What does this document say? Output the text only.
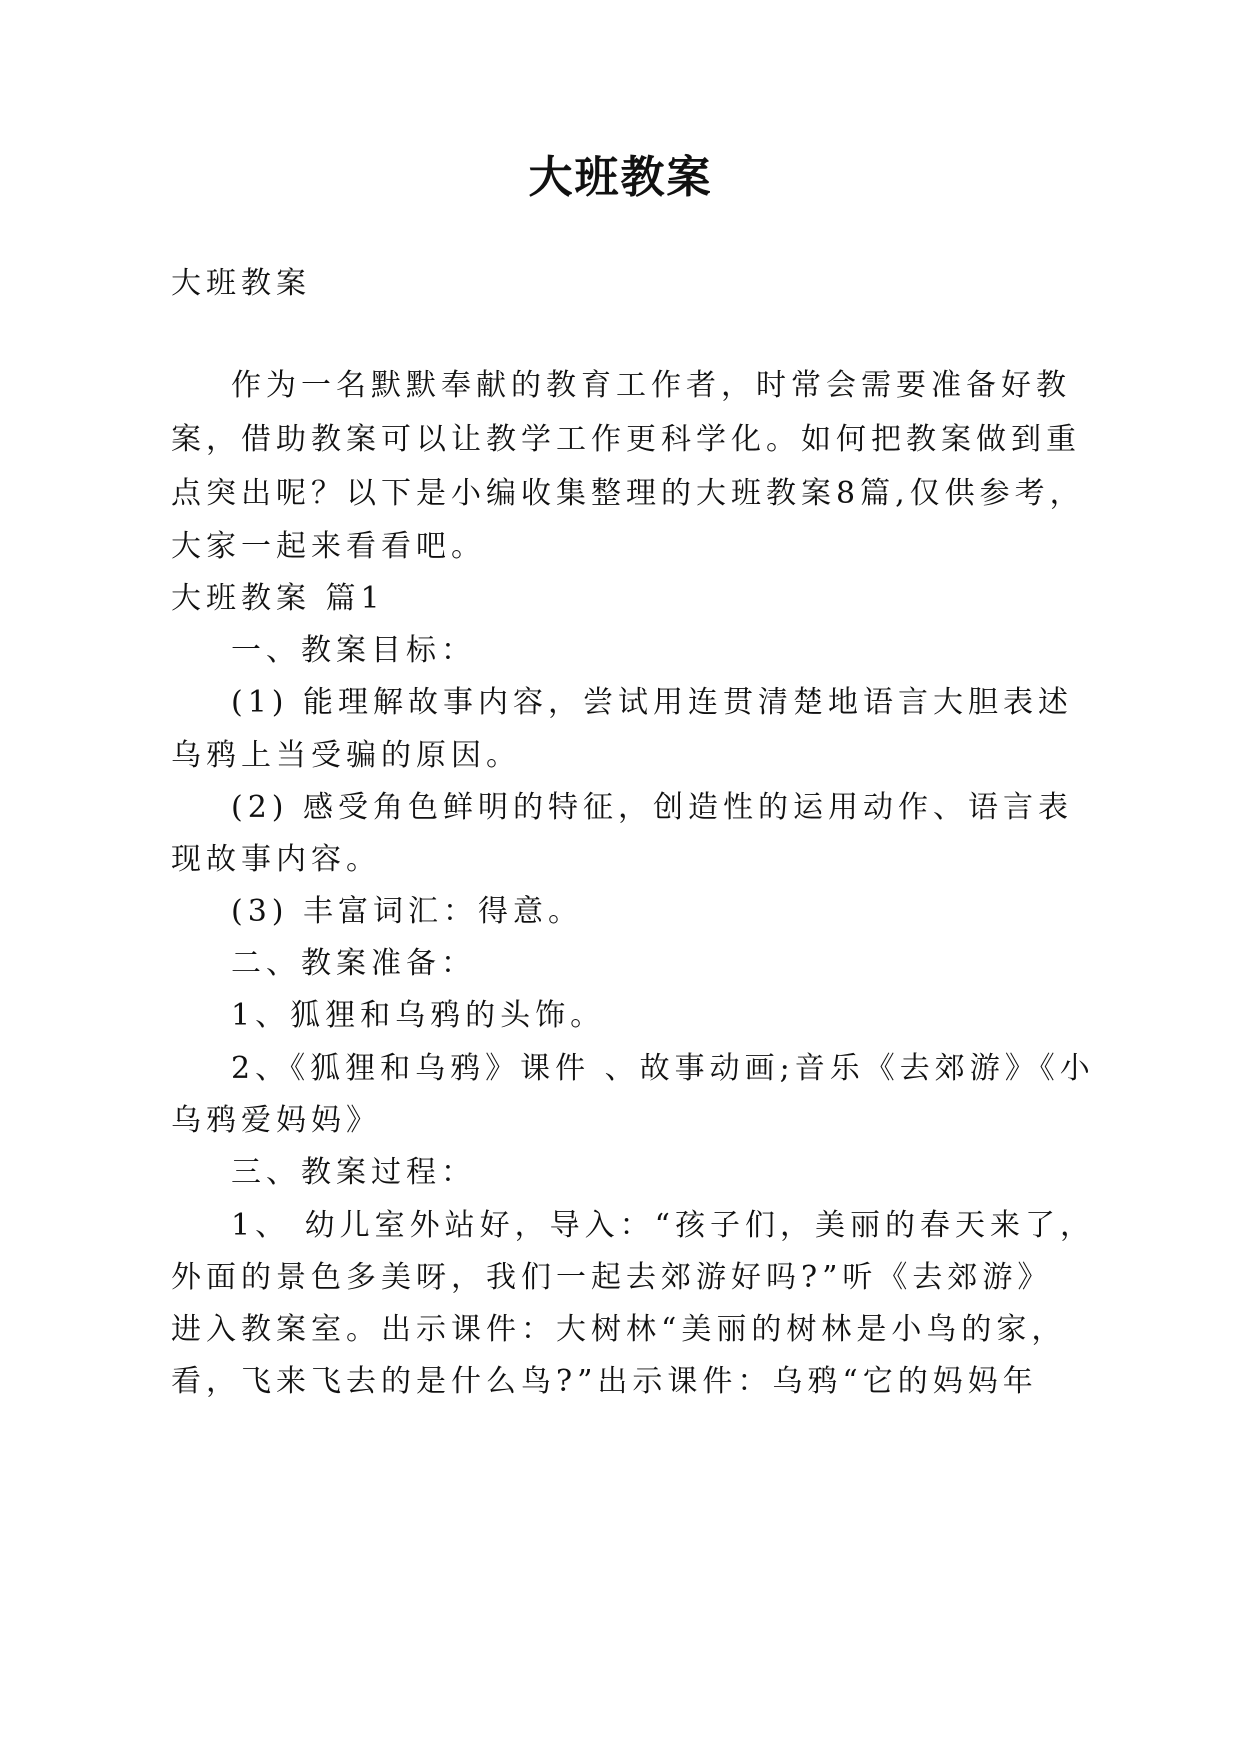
大班教案
大班教案
作为一名默默奉献的教育工作者，时常会需要准备好教
案，借助教案可以让教学工作更科学化。如何把教案做到重
点突出呢？以下是小编收集整理的大班教案8篇,仅供参考，
大家一起来看看吧。
大班教案 篇1
一、教案目标：
(1) 能理解故事内容，尝试用连贯清楚地语言大胆表述
乌鸦上当受骗的原因。
(2) 感受角色鲜明的特征，创造性的运用动作、语言表
现故事内容。
(3) 丰富词汇：得意。
二、教案准备：
1、狐狸和乌鸦的头饰。
2、《狐狸和乌鸦》课件 、故事动画;音乐《去郊游》《小
乌鸦爱妈妈》
三、教案过程：
1、 幼儿室外站好，导入：“孩子们，美丽的春天来了，
外面的景色多美呀，我们一起去郊游好吗?”听《去郊游》
进入教案室。出示课件：大树林“美丽的树林是小鸟的家，
看，飞来飞去的是什么鸟?”出示课件：乌鸦“它的妈妈年
